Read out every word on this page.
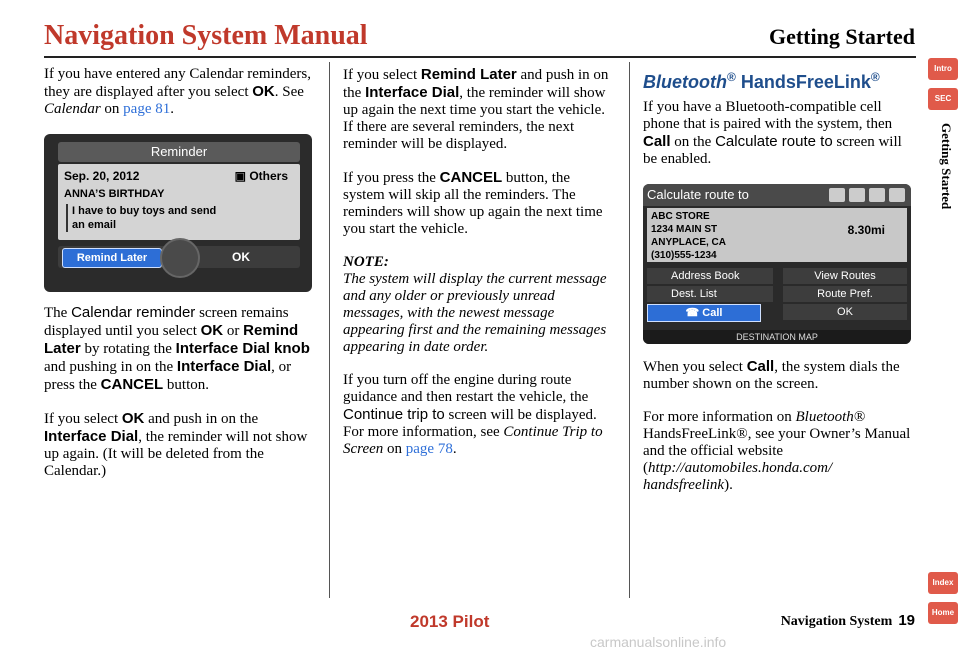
Navigation System Manual	Getting Started

If you have entered any Calendar reminders, they are displayed after you select OK. See Calendar on page 81.

Reminder
Sep. 20, 2012	▣ Others
ANNA’S BIRTHDAY
I have to buy toys and send an email
Remind Later	OK

The Calendar reminder screen remains displayed until you select OK or Remind Later by rotating the Interface Dial knob and pushing in on the Interface Dial, or press the CANCEL button.

If you select OK and push in on the Interface Dial, the reminder will not show up again. (It will be deleted from the Calendar.)

If you select Remind Later and push in on the Interface Dial, the reminder will show up again the next time you start the vehicle. If there are several reminders, the next reminder will be displayed.

If you press the CANCEL button, the system will skip all the reminders. The reminders will show up again the next time you start the vehicle.

NOTE:

The system will display the current message and any older or previously unread messages, with the newest message appearing first and the remaining messages appearing in date order.

If you turn off the engine during route guidance and then restart the vehicle, the Continue trip to screen will be displayed. For more information, see Continue Trip to Screen on page 78.

Bluetooth® HandsFreeLink®

If you have a Bluetooth-compatible cell phone that is paired with the system, then Call on the Calculate route to screen will be enabled.

Calculate route to
ABC STORE
1234 MAIN ST
ANYPLACE, CA
(310)555-1234
8.30mi
Address Book	View Routes
Dest. List	Route Pref.
☎ Call	OK
DESTINATION MAP

When you select Call, the system dials the number shown on the screen.

For more information on Bluetooth® HandsFreeLink®, see your Owner’s Manual and the official website (http://automobiles.honda.com/ handsfreelink).

Intro
SEC
Getting Started
Index
Home
Navigation System 19
2013 Pilot
carmanualsonline.info
